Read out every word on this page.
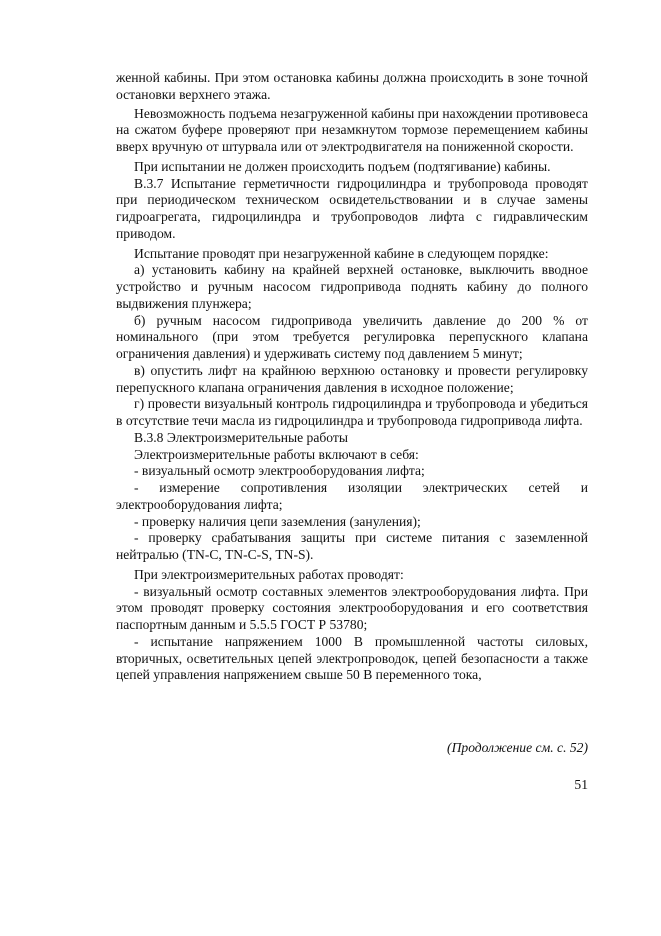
женной кабины. При этом остановка кабины должна происходить в зоне точной остановки верхнего этажа.

Невозможность подъема незагруженной кабины при нахождении противовеса на сжатом буфере проверяют при незамкнутом тормозе перемещением кабины вверх вручную от штурвала или от электродвигателя на пониженной скорости.

При испытании не должен происходить подъем (подтягивание) кабины.

В.3.7 Испытание герметичности гидроцилиндра и трубопровода проводят при периодическом техническом освидетельствовании и в случае замены гидроагрегата, гидроцилиндра и трубопроводов лифта с гидравлическим приводом.

Испытание проводят при незагруженной кабине в следующем порядке:

а) установить кабину на крайней верхней остановке, выключить вводное устройство и ручным насосом гидропривода поднять кабину до полного выдвижения плунжера;

б) ручным насосом гидропривода увеличить давление до 200 % от номинального (при этом требуется регулировка перепускного клапана ограничения давления) и удерживать систему под давлением 5 минут;

в) опустить лифт на крайнюю верхнюю остановку и провести регулировку перепускного клапана ограничения давления в исходное положение;

г) провести визуальный контроль гидроцилиндра и трубопровода и убедиться в отсутствие течи масла из гидроцилиндра и трубопровода гидропривода лифта.

В.3.8 Электроизмерительные работы

Электроизмерительные работы включают в себя:

- визуальный осмотр электрооборудования лифта;

- измерение сопротивления изоляции электрических сетей и электрооборудования лифта;

- проверку наличия цепи заземления (зануления);

- проверку срабатывания защиты при системе питания с заземленной нейтралью (TN-C, TN-C-S, TN-S).

При электроизмерительных работах проводят:

- визуальный осмотр составных элементов электрооборудования лифта. При этом проводят проверку состояния электрооборудования и его соответствия паспортным данным и 5.5.5 ГОСТ Р 53780;

- испытание напряжением 1000 В промышленной частоты силовых, вторичных, осветительных цепей электропроводок, цепей безопасности а также цепей управления напряжением свыше 50 В переменного тока,

(Продолжение см. с. 52)
51
